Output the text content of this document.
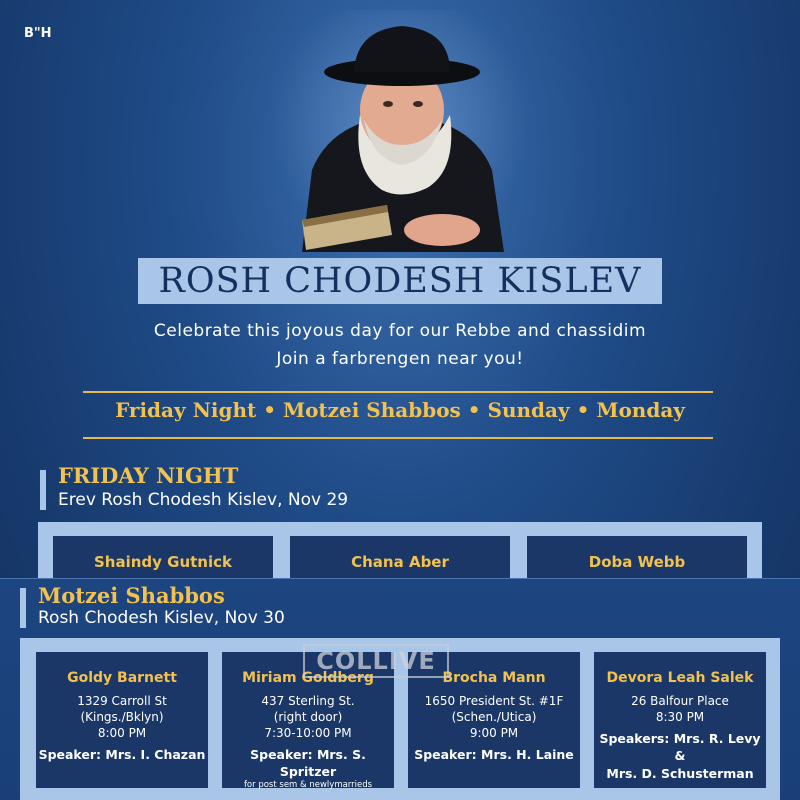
B"H
ROSH CHODESH KISLEV
Celebrate this joyous day for our Rebbe and chassidim
Join a farbrengen near you!
Friday Night • Motzei Shabbos • Sunday • Monday
FRIDAY NIGHT
Erev Rosh Chodesh Kislev, Nov 29
Shaindy Gutnick	Chana Aber	Doba Webb
Motzei Shabbos
Rosh Chodesh Kislev, Nov 30
Goldy Barnett
1329 Carroll St
(Kings./Bklyn)
8:00 PM
Speaker: Mrs. I. Chazan
Miriam Goldberg
437 Sterling St.
(right door)
7:30-10:00 PM
Speaker: Mrs. S. Spritzer
for post sem & newlymarrieds
Brocha Mann
1650 President St. #1F
(Schen./Utica)
9:00 PM
Speaker: Mrs. H. Laine
Devora Leah Salek
26 Balfour Place
8:30 PM
Speakers: Mrs. R. Levy &
Mrs. D. Schusterman
COLLIVE
